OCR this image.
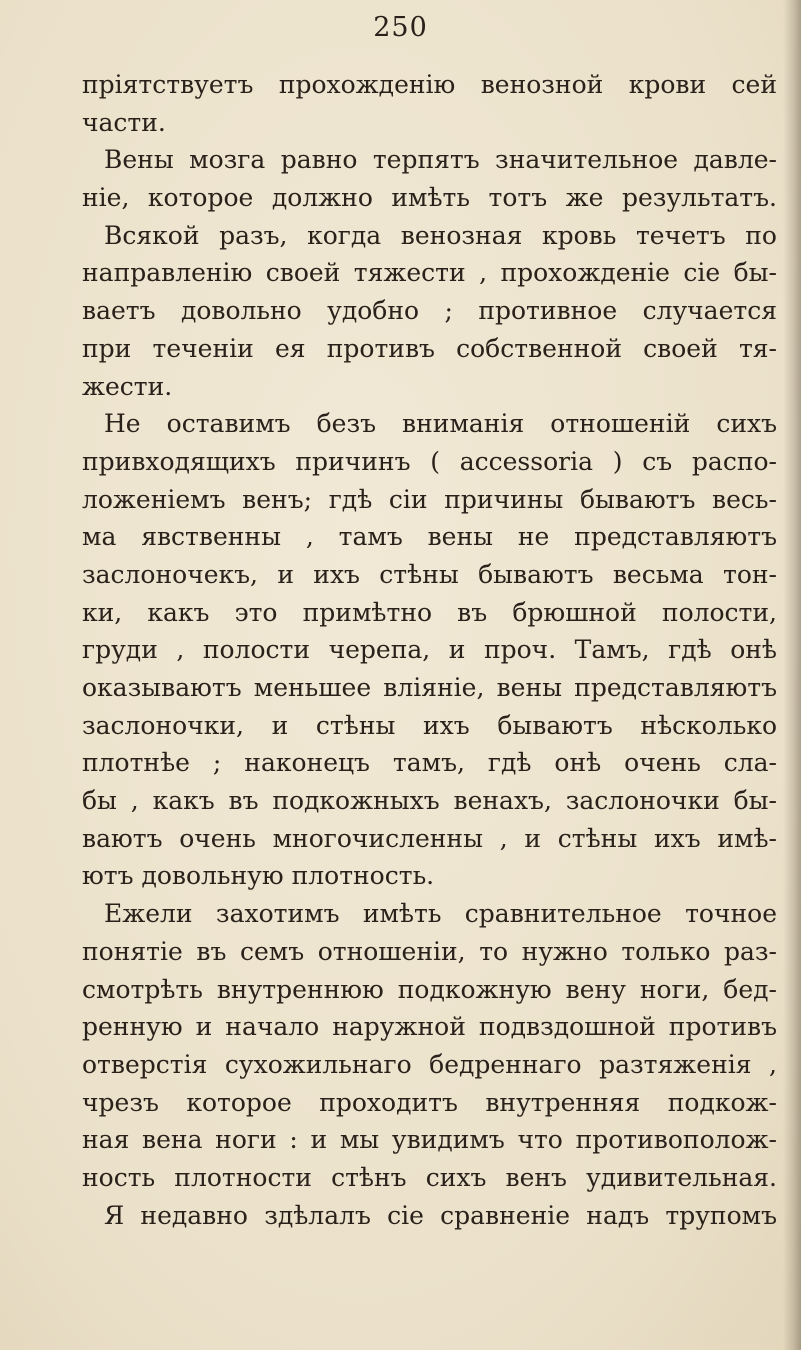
250
пріятствуетъ прохожденію венозной крови сей
части.
Вены мозга равно терпятъ значительное давле-
ніе, которое должно имѣть тотъ же результатъ.
Всякой разъ, когда венозная кровь течетъ по
направленію своей тяжести , прохожденіе сіе бы-
ваетъ довольно удобно ; противное случается
при теченіи ея противъ собственной своей тя-
жести.
Не оставимъ безъ вниманія отношеній сихъ
привходящихъ причинъ ( accessoria ) съ распо-
ложеніемъ венъ; гдѣ сіи причины бываютъ весь-
ма явственны , тамъ вены не представляютъ
заслоночекъ, и ихъ стѣны бываютъ весьма тон-
ки, какъ это примѣтно въ брюшной полости,
груди , полости черепа, и проч. Тамъ, гдѣ онѣ
оказываютъ меньшее вліяніе, вены представляютъ
заслоночки, и стѣны ихъ бываютъ нѣсколько
плотнѣе ; наконецъ тамъ, гдѣ онѣ очень сла-
бы , какъ въ подкожныхъ венахъ, заслоночки бы-
ваютъ очень многочисленны , и стѣны ихъ имѣ-
ютъ довольную плотность.
Ежели захотимъ имѣть сравнительное точное
понятіе въ семъ отношеніи, то нужно только раз-
смотрѣть внутреннюю подкожную вену ноги, бед-
ренную и начало наружной подвздошной противъ
отверстія сухожильнаго бедреннаго разтяженія ,
чрезъ которое проходитъ внутренняя подкож-
ная вена ноги : и мы увидимъ что противополож-
ность плотности стѣнъ сихъ венъ удивительная.
Я недавно здѣлалъ сіе сравненіе надъ трупомъ
